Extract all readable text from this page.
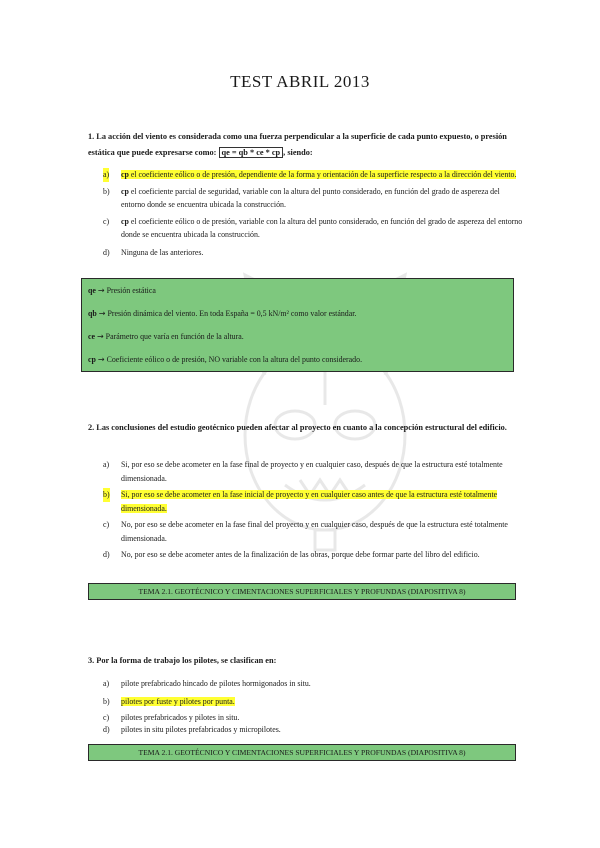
TEST ABRIL 2013
1. La acción del viento es considerada como una fuerza perpendicular a la superficie de cada punto expuesto, o presión estática que puede expresarse como: qe = qb * ce * cp , siendo:
a) cp el coeficiente eólico o de presión, dependiente de la forma y orientación de la superficie respecto a la dirección del viento.
b) cp el coeficiente parcial de seguridad, variable con la altura del punto considerado, en función del grado de aspereza del entorno donde se encuentra ubicada la construcción.
c) cp el coeficiente eólico o de presión, variable con la altura del punto considerado, en función del grado de aspereza del entorno donde se encuentra ubicada la construcción.
d) Ninguna de las anteriores.
qe → Presión estática
qb → Presión dinámica del viento. En toda España = 0,5 kN/m² como valor estándar.
ce → Parámetro que varía en función de la altura.
cp → Coeficiente eólico o de presión, NO variable con la altura del punto considerado.
2. Las conclusiones del estudio geotécnico pueden afectar al proyecto en cuanto a la concepción estructural del edificio.
a) Si, por eso se debe acometer en la fase final de proyecto y en cualquier caso, después de que la estructura esté totalmente dimensionada.
b) Si, por eso se debe acometer en la fase inicial de proyecto y en cualquier caso antes de que la estructura esté totalmente dimensionada.
c) No, por eso se debe acometer en la fase final del proyecto y en cualquier caso, después de que la estructura esté totalmente dimensionada.
d) No, por eso se debe acometer antes de la finalización de las obras, porque debe formar parte del libro del edificio.
TEMA 2.1. GEOTÉCNICO Y CIMENTACIONES SUPERFICIALES Y PROFUNDAS (DIAPOSITIVA 8)
3. Por la forma de trabajo los pilotes, se clasifican en:
a) pilote prefabricado hincado de pilotes hormigonados in situ.
b) pilotes por fuste y pilotes por punta.
c) pilotes prefabricados y pilotes in situ.
d) pilotes in situ pilotes prefabricados y micropilotes.
TEMA 2.1. GEOTÉCNICO Y CIMENTACIONES SUPERFICIALES Y PROFUNDAS (DIAPOSITIVA 8)
